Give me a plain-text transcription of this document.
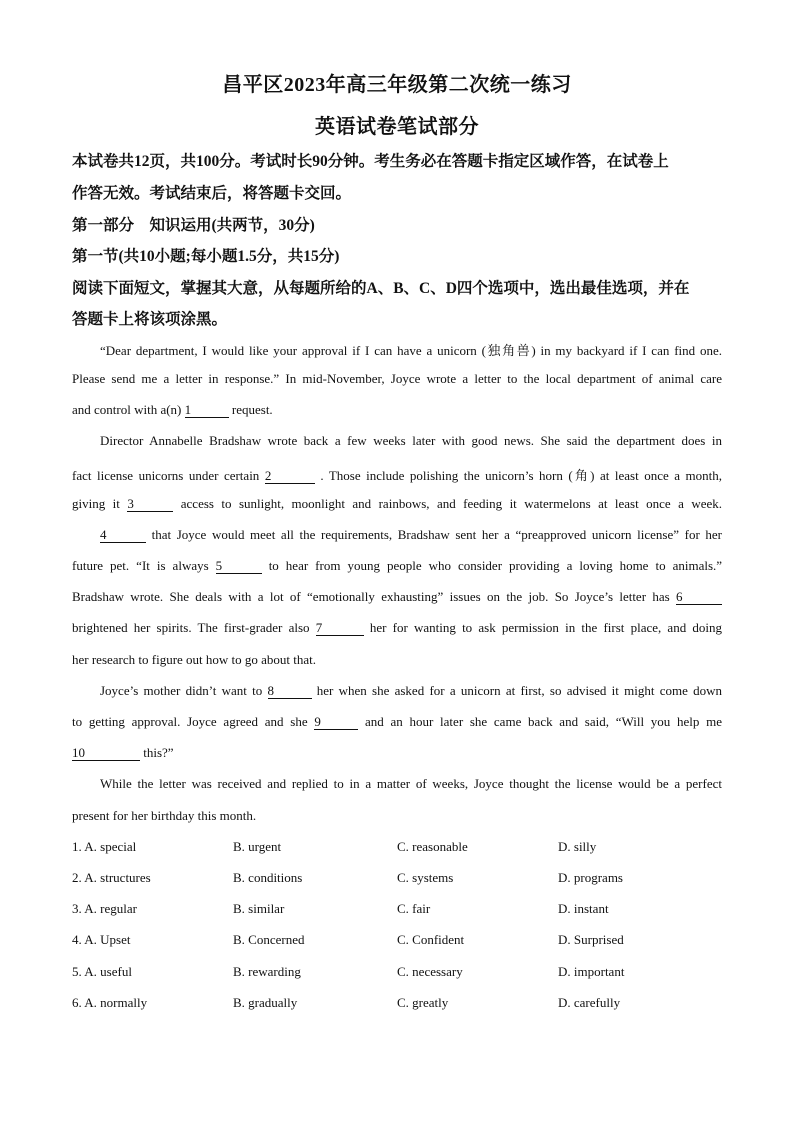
昌平区2023年高三年级第二次统一练习
英语试卷笔试部分
本试卷共12页，共100分。考试时长90分钟。考生务必在答题卡指定区域作答，在试卷上
作答无效。考试结束后，将答题卡交回。
第一部分　知识运用(共两节，30分)
第一节(共10小题;每小题1.5分，共15分)
阅读下面短文，掌握其大意，从每题所给的A、B、C、D四个选项中，选出最佳选项，并在
答题卡上将该项涂黑。
“Dear department, I would like your approval if I can have a unicorn (独角兽) in my backyard if I can find one.
Please send me a letter in response.” In mid-November, Joyce wrote a letter to the local department of animal care
and control with a(n) 1	request.
Director Annabelle Bradshaw wrote back a few weeks later with good news. She said the department does in
fact license unicorns under certain 2	. Those include polishing the unicorn’s horn (角) at least once a month,
giving it 3	access to sunlight, moonlight and rainbows, and feeding it watermelons at least once a week.
4	that Joyce would meet all the requirements, Bradshaw sent her a “preapproved unicorn license” for her
future pet. “It is always 5	to hear from young people who consider providing a loving home to animals.”
Bradshaw wrote. She deals with a lot of “emotionally exhausting” issues on the job. So Joyce’s letter has 6
brightened her spirits. The first-grader also 7	her for wanting to ask permission in the first place, and doing
her research to figure out how to go about that.
Joyce’s mother didn’t want to 8	her when she asked for a unicorn at first, so advised it might come down
to getting approval. Joyce agreed and she 9	and an hour later she came back and said, “Will you help me
10	this?”
While the letter was received and replied to in a matter of weeks, Joyce thought the license would be a perfect
present for her birthday this month.
1. A. special	B. urgent	C. reasonable	D. silly
2. A. structures	B. conditions	C. systems	D. programs
3. A. regular	B. similar	C. fair	D. instant
4. A. Upset	B. Concerned	C. Confident	D. Surprised
5. A. useful	B. rewarding	C. necessary	D. important
6. A. normally	B. gradually	C. greatly	D. carefully
